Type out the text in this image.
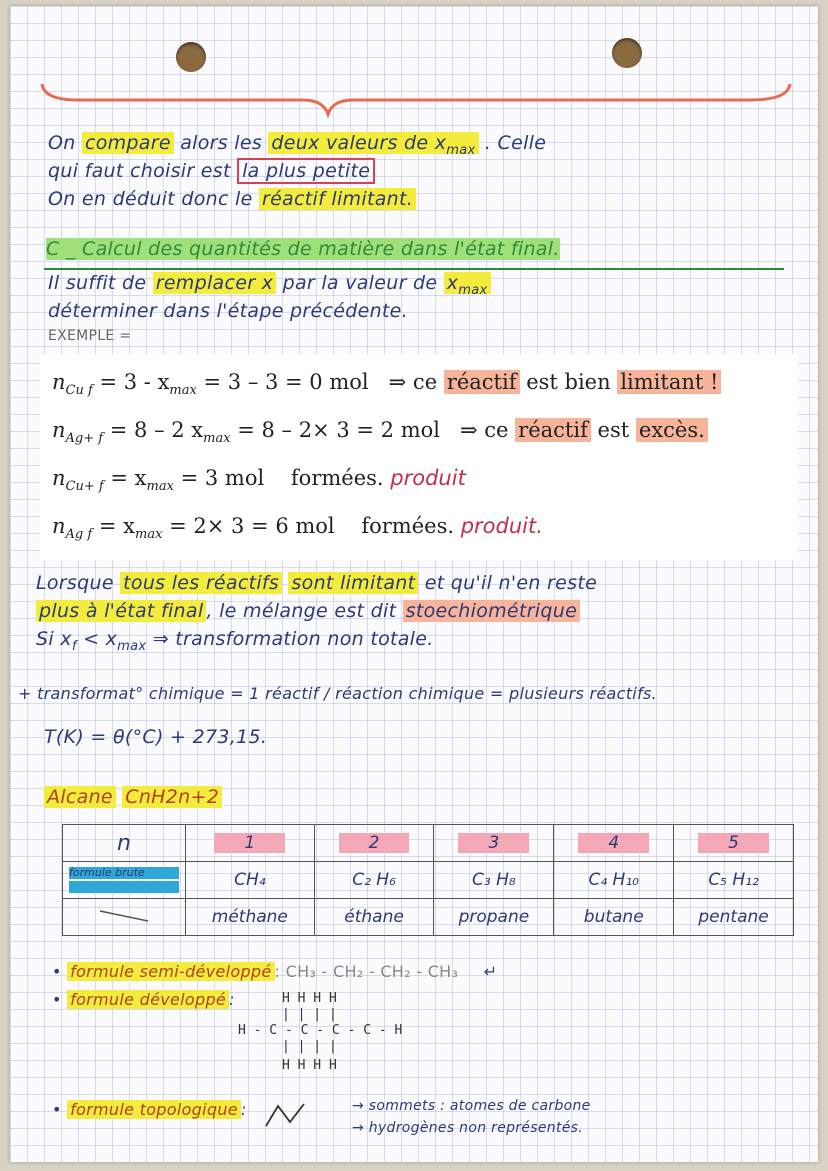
On compare alors les deux valeurs de $x_{max}$ . Celle
qui faut choisir est la plus petite
On en déduit donc le réactif limitant.
C _ Calcul des quantités de matière dans l'état final.
Il suffit de remplacer x par la valeur de $x_{max}$
déterminer dans l'étape précédente.
EXEMPLE =
$n_{Cu f} = 3 - x_{max} = 3 - 3 = 0$ mol ⇒ ce réactif est bien limitant !
$n_{Ag+ f} = 8 - 2$ $x_{max} = 8 - 2\times 3 = 2$ mol ⇒ ce réactif est excès.
$n_{Cu+ f} = x_{max} = 3$ mol formées. produit
$n_{Ag f} = x_{max} = 2\times 3 = 6$ mol formées. produit.
Lorsque tous les réactifs sont limitant et qu'il n'en reste
plus à l'état final , le mélange est dit stoechiométrique
Si $x_f < x_{max}$ ⇒ transformation non totale.
+ transformat° chimique = 1 réactif / réaction chimique = plusieurs réactifs.
T(K) = θ(°C) + 273,15.
Alcane CnH2n+2
n	1	2	3	4	5

formule brute	CH₄	C₂ H₆	C₃ H₈	C₄ H₁₀	C₅ H₁₂
	méthane	éthane	propane	butane	pentane
• formule semi-développé : CH₃ - CH₂ - CH₂ - CH₃ ↵
• formule développé :	H H H H
| | | |
H - C - C - C - C - H
| | | |
H H H H
• formule topologique :	→ sommets : atomes de carbone
→ hydrogènes non représentés.
